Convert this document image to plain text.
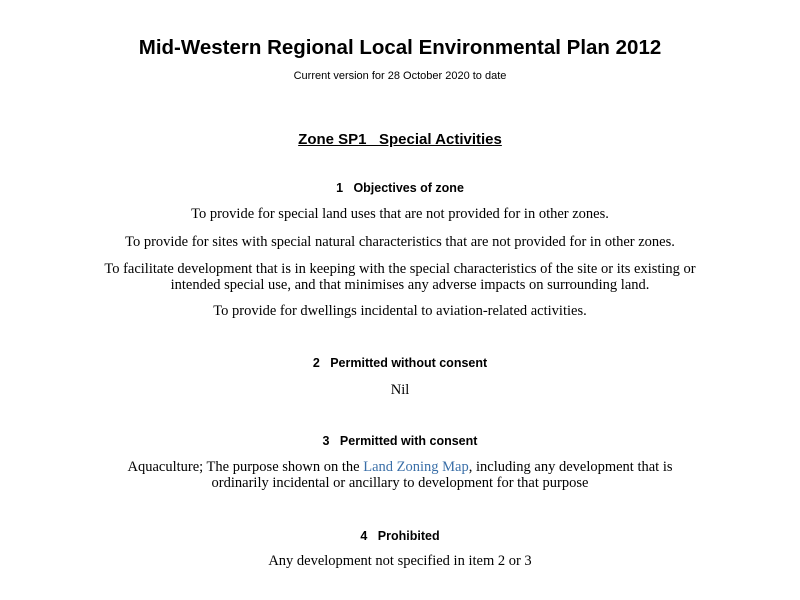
Mid-Western Regional Local Environmental Plan 2012
Current version for 28 October 2020 to date
Zone SP1   Special Activities
1   Objectives of zone
To provide for special land uses that are not provided for in other zones.
To provide for sites with special natural characteristics that are not provided for in other zones.
To facilitate development that is in keeping with the special characteristics of the site or its existing or
intended special use, and that minimises any adverse impacts on surrounding land.
To provide for dwellings incidental to aviation-related activities.
2   Permitted without consent
Nil
3   Permitted with consent
Aquaculture; The purpose shown on the Land Zoning Map, including any development that is
ordinarily incidental or ancillary to development for that purpose
4   Prohibited
Any development not specified in item 2 or 3
